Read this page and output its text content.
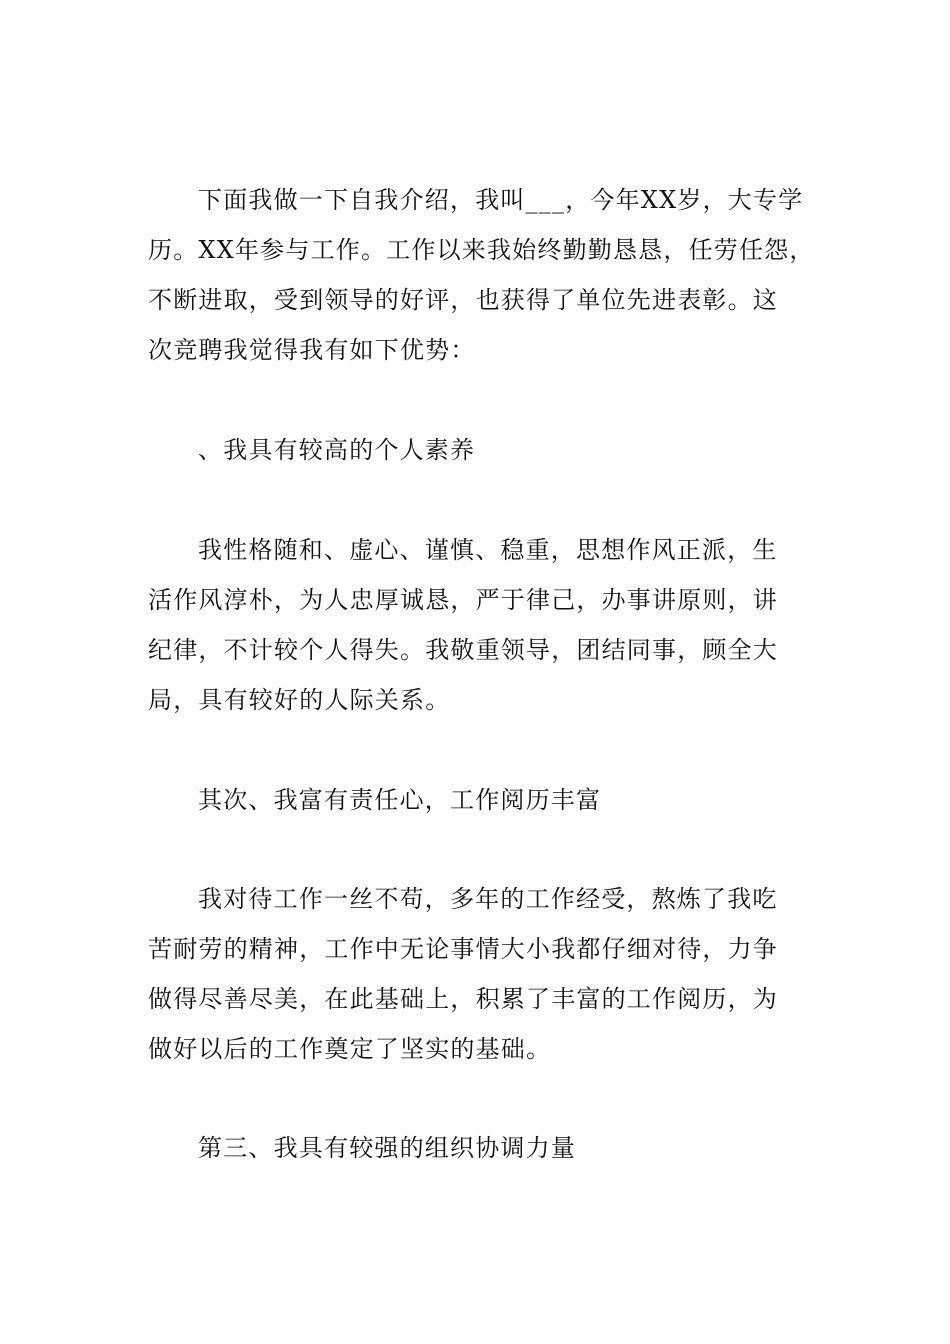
下面我做一下自我介绍，我叫___，今年XX岁，大专学
历。XX年参与工作。工作以来我始终勤勤恳恳，任劳任怨，
不断进取，受到领导的好评，也获得了单位先进表彰。这
次竞聘我觉得我有如下优势：
、我具有较高的个人素养
我性格随和、虚心、谨慎、稳重，思想作风正派，生
活作风淳朴，为人忠厚诚恳，严于律己，办事讲原则，讲
纪律，不计较个人得失。我敬重领导，团结同事，顾全大
局，具有较好的人际关系。
其次、我富有责任心，工作阅历丰富
我对待工作一丝不苟，多年的工作经受，熬炼了我吃
苦耐劳的精神，工作中无论事情大小我都仔细对待，力争
做得尽善尽美，在此基础上，积累了丰富的工作阅历，为
做好以后的工作奠定了坚实的基础。
第三、我具有较强的组织协调力量
